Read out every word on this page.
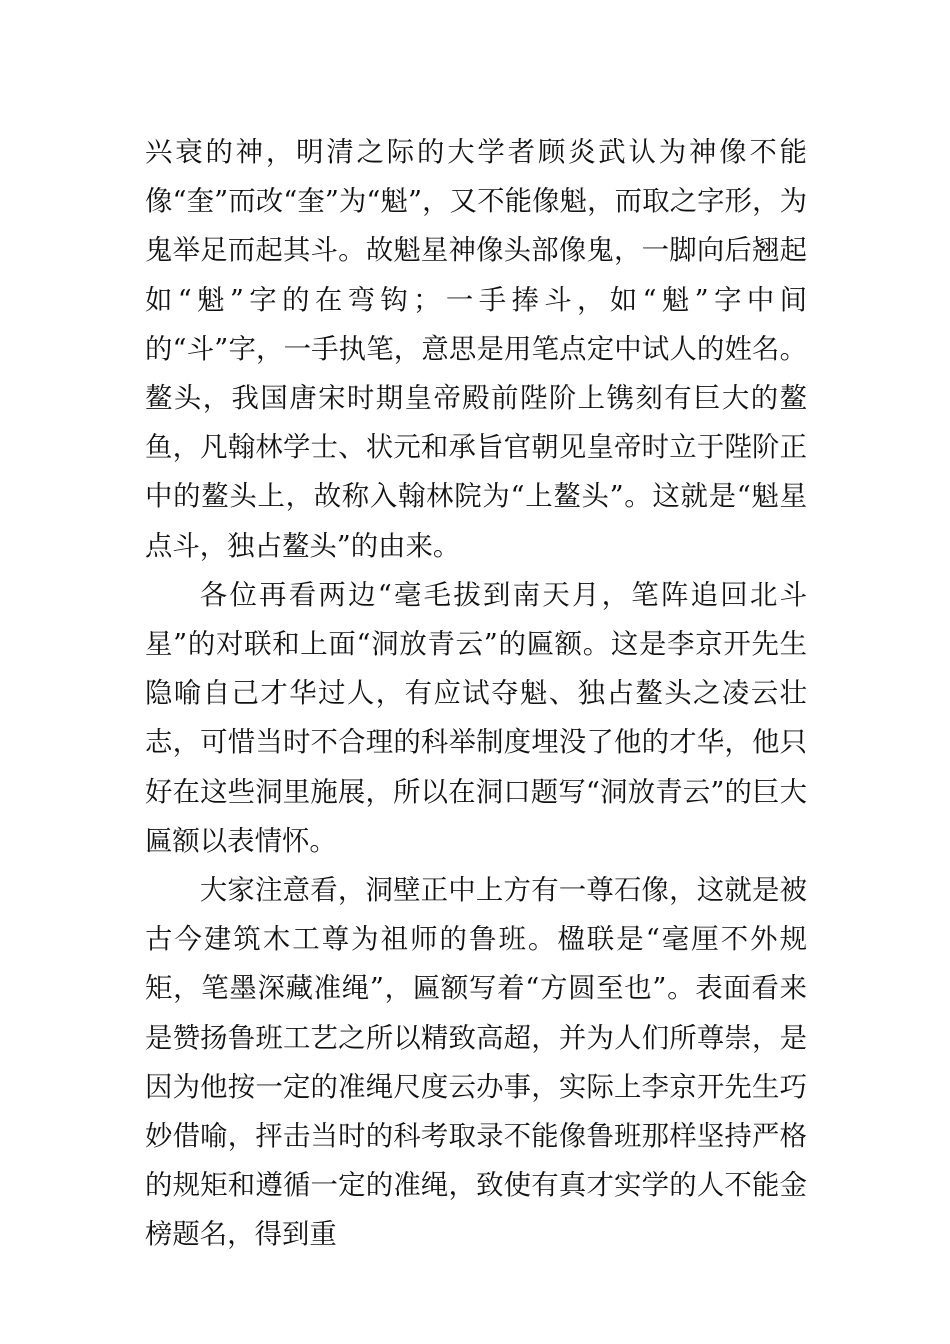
兴衰的神，明清之际的大学者顾炎武认为神像不能像“奎”而改“奎”为“魁”，又不能像魁，而取之字形，为鬼举足而起其斗。故魁星神像头部像鬼，一脚向后翘起如“魁”字的在弯钩；一手捧斗，如“魁”字中间的“斗”字，一手执笔，意思是用笔点定中试人的姓名。鳌头，我国唐宋时期皇帝殿前陛阶上镌刻有巨大的鳌鱼，凡翰林学士、状元和承旨官朝见皇帝时立于陛阶正中的鳌头上，故称入翰林院为“上鳌头”。这就是“魁星点斗，独占鳌头”的由来。

各位再看两边“毫毛拔到南天月，笔阵追回北斗星”的对联和上面“洞放青云”的匾额。这是李京开先生隐喻自己才华过人，有应试夺魁、独占鳌头之凌云壮志，可惜当时不合理的科举制度埋没了他的才华，他只好在这些洞里施展，所以在洞口题写“洞放青云”的巨大匾额以表情怀。

大家注意看，洞壁正中上方有一尊石像，这就是被古今建筑木工尊为祖师的鲁班。楹联是“毫厘不外规矩，笔墨深藏准绳”，匾额写着“方圆至也”。表面看来是赞扬鲁班工艺之所以精致高超，并为人们所尊崇，是因为他按一定的准绳尺度云办事，实际上李京开先生巧妙借喻，抨击当时的科考取录不能像鲁班那样坚持严格的规矩和遵循一定的准绳，致使有真才实学的人不能金榜题名，得到重
